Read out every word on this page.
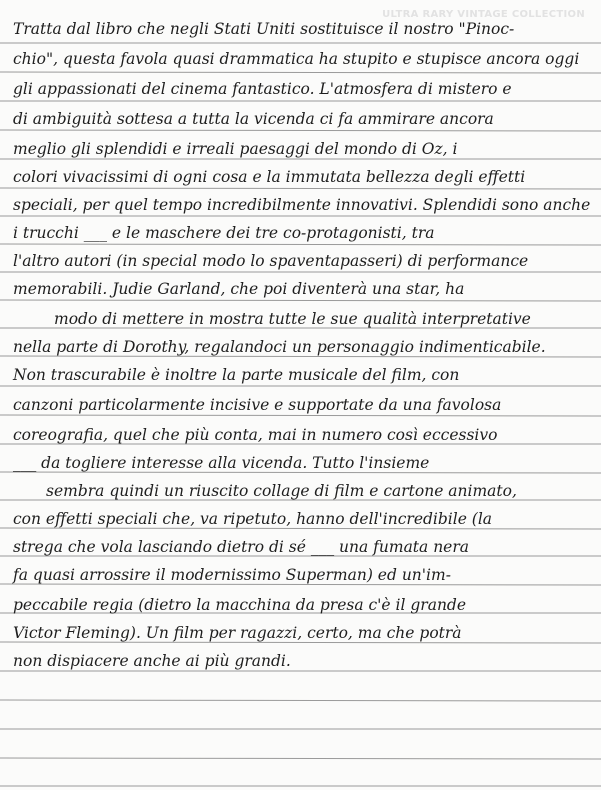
ULTRA RARY VINTAGE COLLECTION
Tratta dal libro che negli Stati Uniti sostituisce il nostro "Pinoc-
chio", questa favola quasi drammatica ha stupito e stupisce ancora oggi
gli appassionati del cinema fantastico. L'atmosfera di mistero e
di ambiguità sottesa a tutta la vicenda ci fa ammirare ancora
meglio gli splendidi e irreali paesaggi del mondo di Oz, i
colori vivacissimi di ogni cosa e la immutata bellezza degli effetti
speciali, per quel tempo incredibilmente innovativi. Splendidi sono anche
i trucchi ___ e le maschere dei tre co-protagonisti, tra
l'altro autori (in special modo lo spaventapasseri) di performance
memorabili. Judie Garland, che poi diventerà una star, ha
modo di mettere in mostra tutte le sue qualità interpretative
nella parte di Dorothy, regalandoci un personaggio indimenticabile.
Non trascurabile è inoltre la parte musicale del film, con
canzoni particolarmente incisive e supportate da una favolosa
coreografia, quel che più conta, mai in numero così eccessivo
___ da togliere interesse alla vicenda. Tutto l'insieme
sembra quindi un riuscito collage di film e cartone animato,
con effetti speciali che, va ripetuto, hanno dell'incredibile (la
strega che vola lasciando dietro di sé ___ una fumata nera
fa quasi arrossire il modernissimo Superman) ed un'im-
peccabile regia (dietro la macchina da presa c'è il grande
Victor Fleming). Un film per ragazzi, certo, ma che potrà
non dispiacere anche ai più grandi.
